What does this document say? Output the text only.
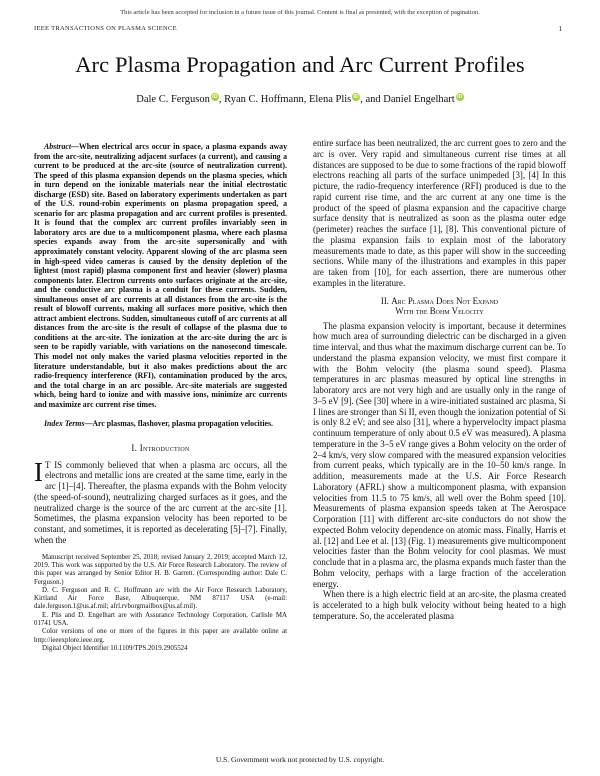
This article has been accepted for inclusion in a future issue of this journal. Content is final as presented, with the exception of pagination.
IEEE TRANSACTIONS ON PLASMA SCIENCE	1
Arc Plasma Propagation and Arc Current Profiles
Dale C. Ferguson iD, Ryan C. Hoffmann, Elena Plis iD, and Daniel Engelhart iD
Abstract—When electrical arcs occur in space, a plasma expands away from the arc-site, neutralizing adjacent surfaces (a current), and causing a current to be produced at the arc-site (source of neutralization current). The speed of this plasma expansion depends on the plasma species, which in turn depend on the ionizable materials near the initial electrostatic discharge (ESD) site. Based on laboratory experiments undertaken as part of the U.S. round-robin experiments on plasma propagation speed, a scenario for arc plasma propagation and arc current profiles is presented. It is found that the complex arc current profiles invariably seen in laboratory arcs are due to a multicomponent plasma, where each plasma species expands away from the arc-site supersonically and with approximately constant velocity. Apparent slowing of the arc plasma seen in high-speed video cameras is caused by the density depletion of the lightest (most rapid) plasma component first and heavier (slower) plasma components later. Electron currents onto surfaces originate at the arc-site, and the conductive arc plasma is a conduit for these currents. Sudden, simultaneous onset of arc currents at all distances from the arc-site is the result of blowoff currents, making all surfaces more positive, which then attract ambient electrons. Sudden, simultaneous cutoff of arc currents at all distances from the arc-site is the result of collapse of the plasma due to conditions at the arc-site. The ionization at the arc-site during the arc is seen to be rapidly variable, with variations on the nanosecond timescale. This model not only makes the varied plasma velocities reported in the literature understandable, but it also makes predictions about the arc radio-frequency interference (RFI), contamination produced by the arcs, and the total charge in an arc possible. Arc-site materials are suggested which, being hard to ionize and with massive ions, minimize arc currents and maximize arc current rise times.
Index Terms—Arc plasmas, flashover, plasma propagation velocities.
I. Introduction

I T IS commonly believed that when a plasma arc occurs, all the electrons and metallic ions are created at the same time, early in the arc [1]–[4]. Thereafter, the plasma expands with the Bohm velocity (the speed-of-sound), neutralizing charged surfaces as it goes, and the neutralized charge is the source of the arc current at the arc-site [1]. Sometimes, the plasma expansion velocity has been reported to be constant, and sometimes, it is reported as decelerating [5]–[7]. Finally, when the

Manuscript received September 25, 2018; revised January 2, 2019; accepted March 12, 2019. This work was supported by the U.S. Air Force Research Laboratory. The review of this paper was arranged by Senior Editor H. B. Garrett. (Corresponding author: Dale C. Ferguson.)

D. C. Ferguson and R. C. Hoffmann are with the Air Force Research Laboratory, Kirtland Air Force Base, Albuquerque, NM 87117 USA (e-mail: dale.ferguson.1@us.af.mil; afrl.rvborgmailbox@us.af.mil).

E. Plis and D. Engelhart are with Assurance Technology Corporation, Carlisle MA 01741 USA.

Color versions of one or more of the figures in this paper are available online at http://ieeexplore.ieee.org.

Digital Object Identifier 10.1109/TPS.2019.2905524

entire surface has been neutralized, the arc current goes to zero and the arc is over. Very rapid and simultaneous current rise times at all distances are supposed to be due to some fractions of the rapid blowoff electrons reaching all parts of the surface unimpeded [3], [4] In this picture, the radio-frequency interference (RFI) produced is due to the rapid current rise time, and the arc current at any one time is the product of the speed of plasma expansion and the capacitive charge surface density that is neutralized as soon as the plasma outer edge (perimeter) reaches the surface [1], [8]. This conventional picture of the plasma expansion fails to explain most of the laboratory measurements made to date, as this paper will show in the succeeding sections. While many of the illustrations and examples in this paper are taken from [10], for each assertion, there are numerous other examples in the literature.

II. Arc Plasma Does Not Expand
With the Bohm Velocity

The plasma expansion velocity is important, because it determines how much area of surrounding dielectric can be discharged in a given time interval, and thus what the maximum discharge current can be. To understand the plasma expansion velocity, we must first compare it with the Bohm velocity (the plasma sound speed). Plasma temperatures in arc plasmas measured by optical line strengths in laboratory arcs are not very high and are usually only in the range of 3–5 eV [9]. (See [30] where in a wire-initiated sustained arc plasma, Si I lines are stronger than Si II, even though the ionization potential of Si is only 8.2 eV; and see also [31], where a hyperveloclty impact plasma continuum temperature of only about 0.5 eV was measured). A plasma temperature in the 3–5 eV range gives a Bohm velocity on the order of 2–4 km/s, very slow compared with the measured expansion velocities from current peaks, which typically are in the 10–50 km/s range. In addition, measurements made at the U.S. Air Force Research Laboratory (AFRL) show a multicomponent plasma, with expansion velocities from 11.5 to 75 km/s, all well over the Bohm speed [10]. Measurements of plasma expansion speeds taken at The Aerospace Corporation [11] with different arc-site conductors do not show the expected Bohm velocity dependence on atomic mass. Finally, Harris et al. [12] and Lee et al. [13] (Fig. 1) measurements give multicomponent velocities faster than the Bohm velocity for cool plasmas. We must conclude that in a plasma arc, the plasma expands much faster than the Bohm velocity, perhaps with a large fraction of the acceleration energy.

When there is a high electric field at an arc-site, the plasma created is accelerated to a high bulk velocity without being heated to a high temperature. So, the accelerated plasma

U.S. Government work not protected by U.S. copyright.
